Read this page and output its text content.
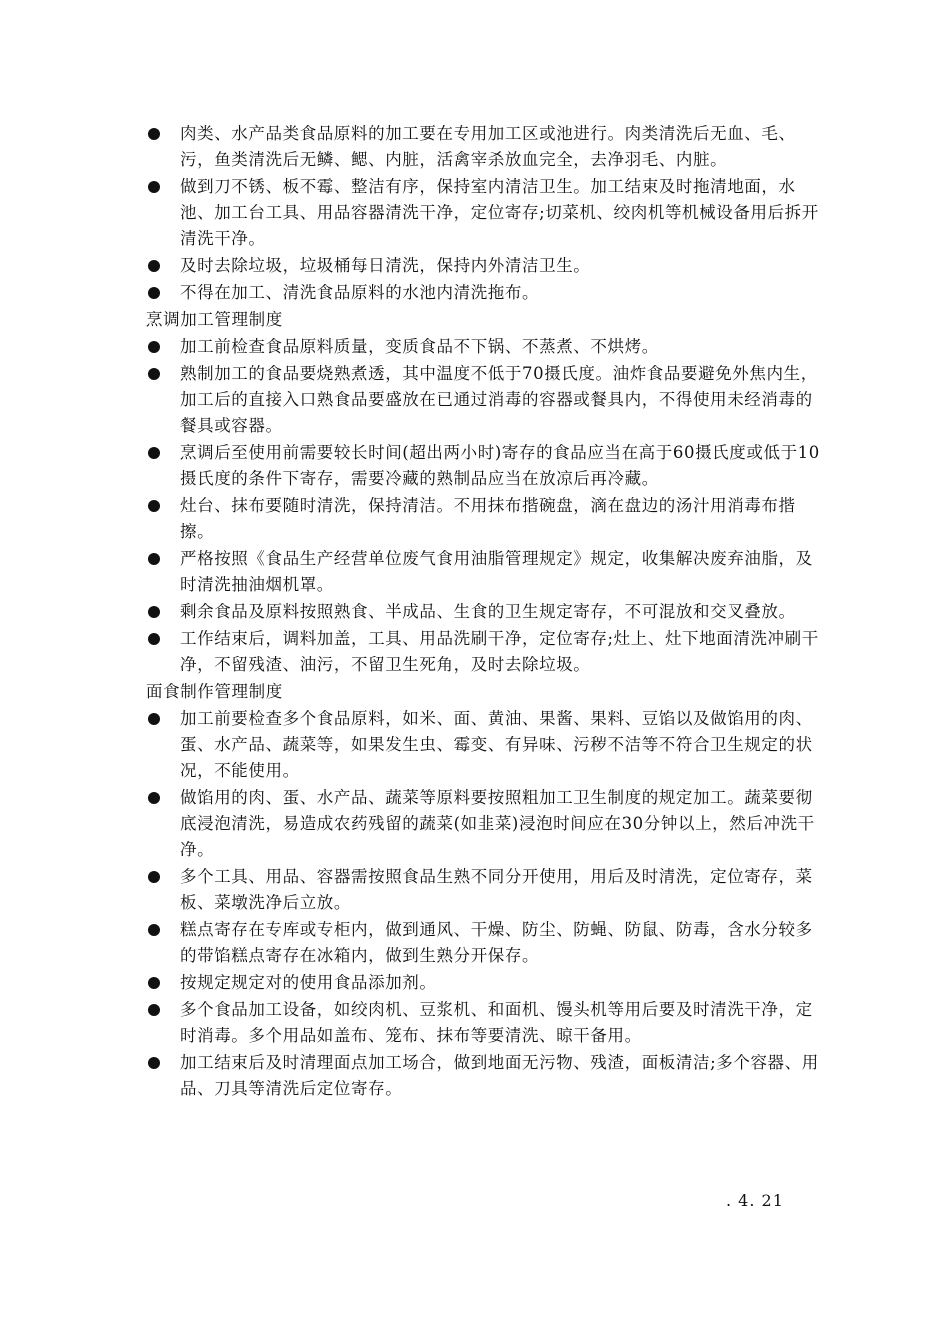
肉类、水产品类食品原料的加工要在专用加工区或池进行。肉类清洗后无血、毛、污，鱼类清洗后无鳞、鳃、内脏，活禽宰杀放血完全，去净羽毛、内脏。
做到刀不锈、板不霉、整洁有序，保持室内清洁卫生。加工结束及时拖清地面，水池、加工台工具、用品容器清洗干净，定位寄存;切菜机、绞肉机等机械设备用后拆开清洗干净。
及时去除垃圾，垃圾桶每日清洗，保持内外清洁卫生。
不得在加工、清洗食品原料的水池内清洗拖布。
烹调加工管理制度
加工前检查食品原料质量，变质食品不下锅、不蒸煮、不烘烤。
熟制加工的食品要烧熟煮透，其中温度不低于70摄氏度。油炸食品要避免外焦内生，加工后的直接入口熟食品要盛放在已通过消毒的容器或餐具内，不得使用未经消毒的餐具或容器。
烹调后至使用前需要较长时间(超出两小时)寄存的食品应当在高于60摄氏度或低于10摄氏度的条件下寄存，需要冷藏的熟制品应当在放凉后再冷藏。
灶台、抹布要随时清洗，保持清洁。不用抹布揩碗盘，滴在盘边的汤汁用消毒布揩擦。
严格按照《食品生产经营单位废气食用油脂管理规定》规定，收集解决废弃油脂，及时清洗抽油烟机罩。
剩余食品及原料按照熟食、半成品、生食的卫生规定寄存，不可混放和交叉叠放。
工作结束后，调料加盖，工具、用品洗刷干净，定位寄存;灶上、灶下地面清洗冲刷干净，不留残渣、油污，不留卫生死角，及时去除垃圾。
面食制作管理制度
加工前要检查多个食品原料，如米、面、黄油、果酱、果料、豆馅以及做馅用的肉、蛋、水产品、蔬菜等，如果发生虫、霉变、有异味、污秽不洁等不符合卫生规定的状况，不能使用。
做馅用的肉、蛋、水产品、蔬菜等原料要按照粗加工卫生制度的规定加工。蔬菜要彻底浸泡清洗，易造成农药残留的蔬菜(如韭菜)浸泡时间应在30分钟以上，然后冲洗干净。
多个工具、用品、容器需按照食品生熟不同分开使用，用后及时清洗，定位寄存，菜板、菜墩洗净后立放。
糕点寄存在专库或专柜内，做到通风、干燥、防尘、防蝇、防鼠、防毒，含水分较多的带馅糕点寄存在冰箱内，做到生熟分开保存。
按规定规定对的使用食品添加剂。
多个食品加工设备，如绞肉机、豆浆机、和面机、馒头机等用后要及时清洗干净，定时消毒。多个用品如盖布、笼布、抹布等要清洗、晾干备用。
加工结束后及时清理面点加工场合，做到地面无污物、残渣，面板清洁;多个容器、用品、刀具等清洗后定位寄存。
. 4. 21
